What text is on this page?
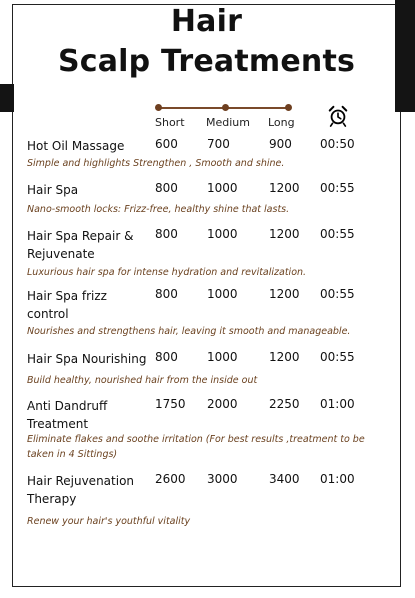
Hair
Scalp Treatments
Short Medium Long
Hot Oil Massage	600 700	900 00:50
Simple and highlights Strengthen , Smooth and shine.
Hair Spa	800 1000	1200 00:55
Nano-smooth locks: Frizz-free, healthy shine that lasts.
Hair Spa Repair & Rejuvenate
800 1000	1200 00:55
Luxurious hair spa for intense hydration and revitalization.
Hair Spa frizz control
800 1000	1200 00:55
Nourishes and strengthens hair, leaving it smooth and manageable.
Hair Spa Nourishing 800 1000	1200 00:55
Build healthy, nourished hair from the inside out
Anti Dandruff Treatment
1750 2000	2250 01:00
Eliminate flakes and soothe irritation (For best results ,treatment to be taken in 4 Sittings)
Hair Rejuvenation Therapy
2600 3000	3400 01:00
Renew your hair's youthful vitality
